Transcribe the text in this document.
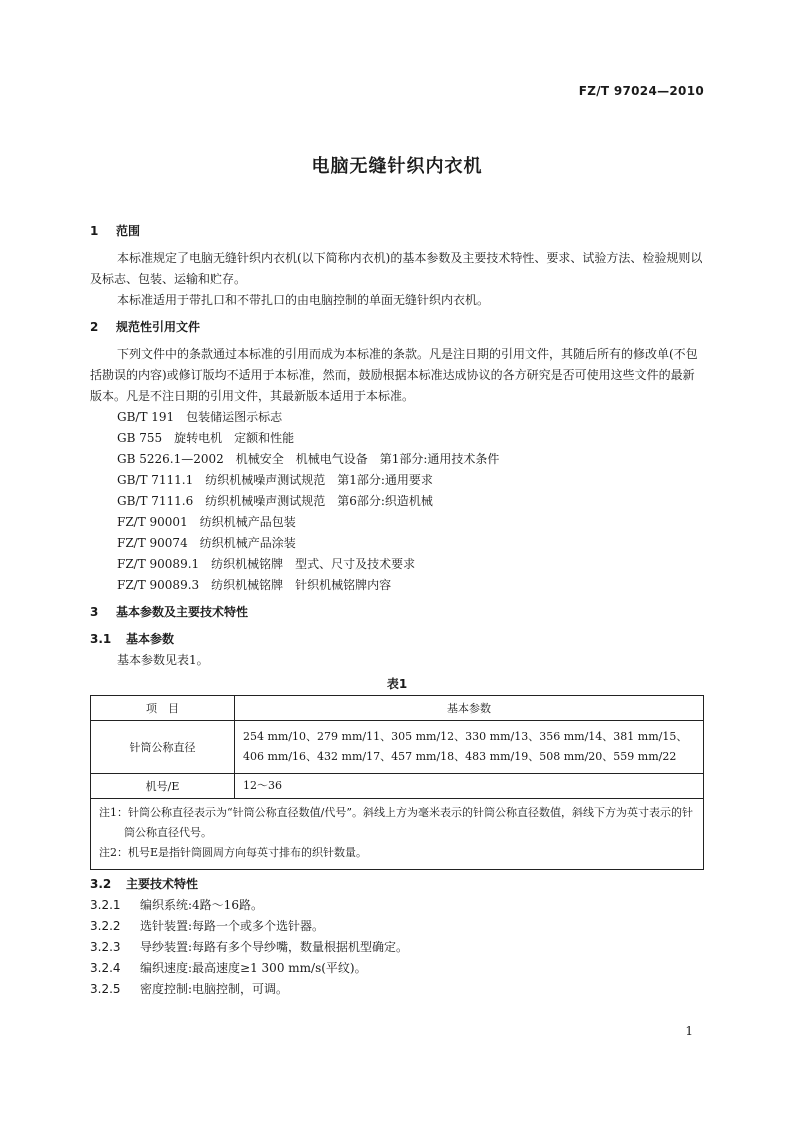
FZ/T 97024—2010
电脑无缝针织内衣机
1 范围

本标准规定了电脑无缝针织内衣机(以下简称内衣机)的基本参数及主要技术特性、要求、试验方法、检验规则以及标志、包装、运输和贮存。

本标准适用于带扎口和不带扎口的由电脑控制的单面无缝针织内衣机。

2 规范性引用文件

下列文件中的条款通过本标准的引用而成为本标准的条款。凡是注日期的引用文件，其随后所有的修改单(不包括勘误的内容)或修订版均不适用于本标准，然而，鼓励根据本标准达成协议的各方研究是否可使用这些文件的最新版本。凡是不注日期的引用文件，其最新版本适用于本标准。

GB/T 191　包装储运图示标志
GB 755　旋转电机　定额和性能
GB 5226.1—2002　机械安全　机械电气设备　第1部分:通用技术条件
GB/T 7111.1　纺织机械噪声测试规范　第1部分:通用要求
GB/T 7111.6　纺织机械噪声测试规范　第6部分:织造机械
FZ/T 90001　纺织机械产品包装
FZ/T 90074　纺织机械产品涂装
FZ/T 90089.1　纺织机械铭牌　型式、尺寸及技术要求
FZ/T 90089.3　纺织机械铭牌　针织机械铭牌内容
3 基本参数及主要技术特性
3.1 基本参数

基本参数见表1。

表1
项　目	基本参数
针筒公称直径	254 mm/10、279 mm/11、305 mm/12、330 mm/13、356 mm/14、381 mm/15、406 mm/16、432 mm/17、457 mm/18、483 mm/19、508 mm/20、559 mm/22
机号/E	12～36

注1：针筒公称直径表示为“针筒公称直径数值/代号”。斜线上方为毫米表示的针筒公称直径数值，斜线下方为英寸表示的针筒公称直径代号。
注2：机号E是指针筒圆周方向每英寸排布的织针数量。	
3.2 主要技术特性
3.2.1 编织系统:4路～16路。
3.2.2 选针装置:每路一个或多个选针器。
3.2.3 导纱装置:每路有多个导纱嘴，数量根据机型确定。
3.2.4 编织速度:最高速度≥1 300 mm/s(平纹)。
3.2.5 密度控制:电脑控制，可调。
1
